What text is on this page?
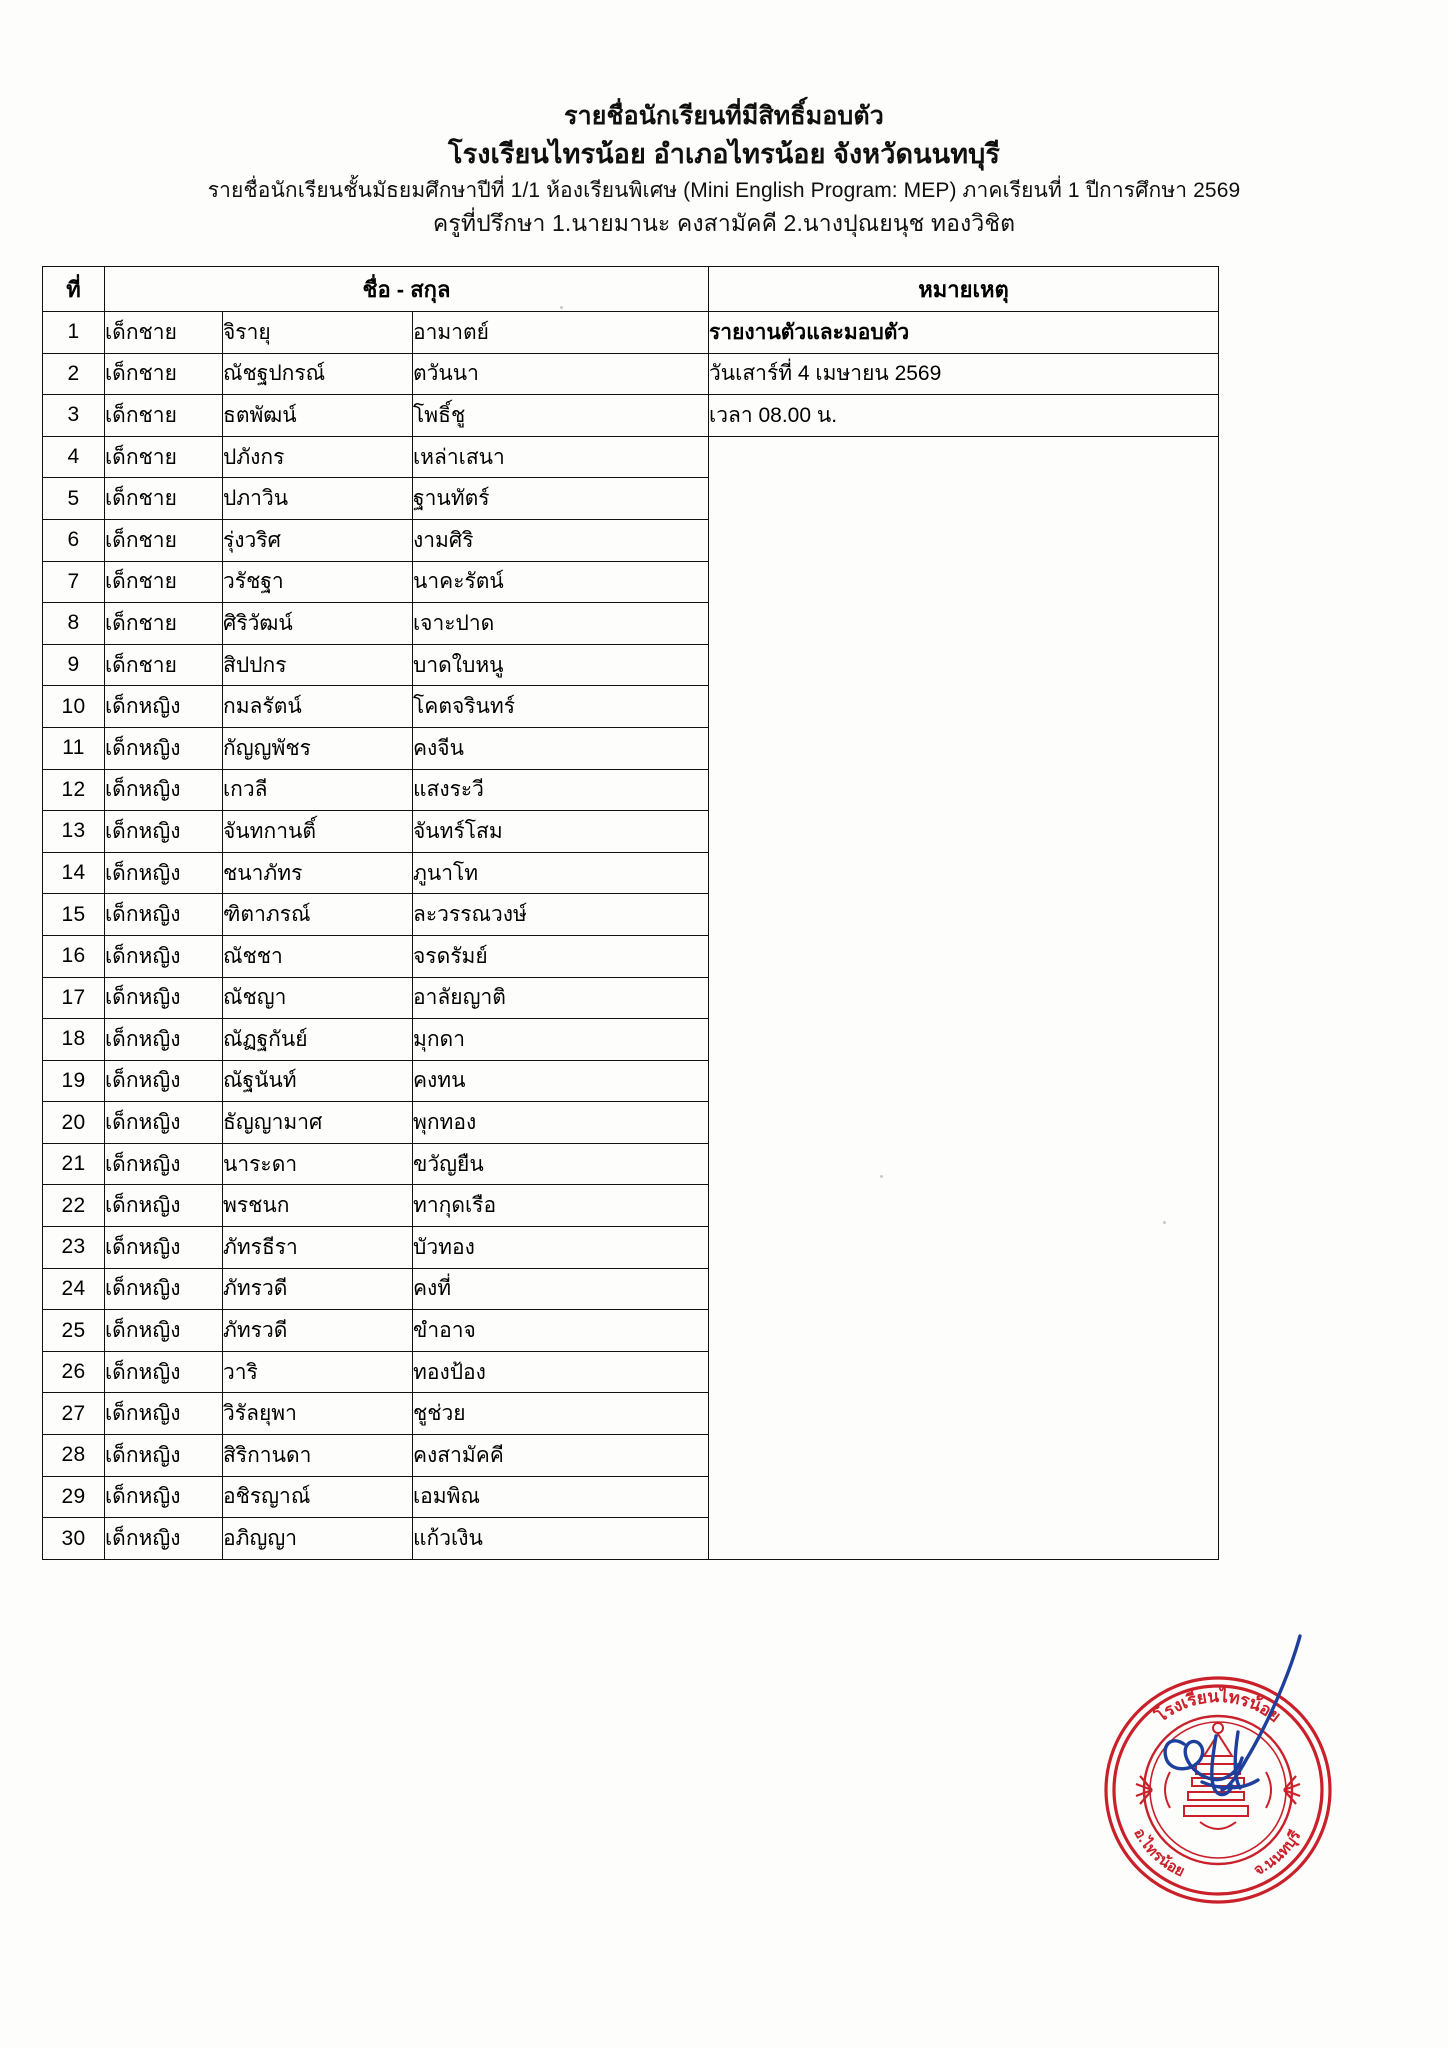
รายชื่อนักเรียนที่มีสิทธิ์มอบตัว
โรงเรียนไทรน้อย อำเภอไทรน้อย จังหวัดนนทบุรี
รายชื่อนักเรียนชั้นมัธยมศึกษาปีที่ 1/1 ห้องเรียนพิเศษ (Mini English Program: MEP) ภาคเรียนที่ 1 ปีการศึกษา 2569
ครูที่ปรึกษา 1.นายมานะ คงสามัคคี 2.นางปุณยนุช ทองวิชิต
ที่	ชื่อ - สกุล			หมายเหตุ
1	เด็กชาย	จิรายุ	อามาตย์	รายงานตัวและมอบตัว
2	เด็กชาย	ณัชฐปกรณ์	ตวันนา	วันเสาร์ที่ 4 เมษายน 2569
3	เด็กชาย	ธตพัฒน์	โพธิ์ชู	เวลา 08.00 น.
4	เด็กชาย	ปภังกร	เหล่าเสนา	
5	เด็กชาย	ปภาวิน	ฐานทัตร์	
6	เด็กชาย	รุ่งวริศ	งามศิริ	
7	เด็กชาย	วรัชฐา	นาคะรัตน์	
8	เด็กชาย	ศิริวัฒน์	เจาะปาด	
9	เด็กชาย	สิปปกร	บาดใบหนู	
10	เด็กหญิง	กมลรัตน์	โคตจรินทร์	
11	เด็กหญิง	กัญญพัชร	คงจีน	
12	เด็กหญิง	เกวลี	แสงระวี	
13	เด็กหญิง	จันทกานติ์	จันทร์โสม	
14	เด็กหญิง	ชนาภัทร	ภูนาโท	
15	เด็กหญิง	ฑิตาภรณ์	ละวรรณวงษ์	
16	เด็กหญิง	ณัชชา	จรดรัมย์	
17	เด็กหญิง	ณัชญา	อาลัยญาติ	
18	เด็กหญิง	ณัฏฐกันย์	มุกดา	
19	เด็กหญิง	ณัฐนันท์	คงทน	
20	เด็กหญิง	ธัญญามาศ	พุกทอง	
21	เด็กหญิง	นาระดา	ขวัญยืน	
22	เด็กหญิง	พรชนก	ทากุดเรือ	
23	เด็กหญิง	ภัทรธีรา	บัวทอง	
24	เด็กหญิง	ภัทรวดี	คงที่	
25	เด็กหญิง	ภัทรวดี	ขำอาจ	
26	เด็กหญิง	วาริ	ทองป้อง	
27	เด็กหญิง	วิรัลยุพา	ชูช่วย	
28	เด็กหญิง	สิริกานดา	คงสามัคคี	
29	เด็กหญิง	อชิรญาณ์	เอมพิณ	
30	เด็กหญิง	อภิญญา	แก้วเงิน	
โรงเรียนไทรน้อย
อ.ไทรน้อย	จ.นนทบุรี
